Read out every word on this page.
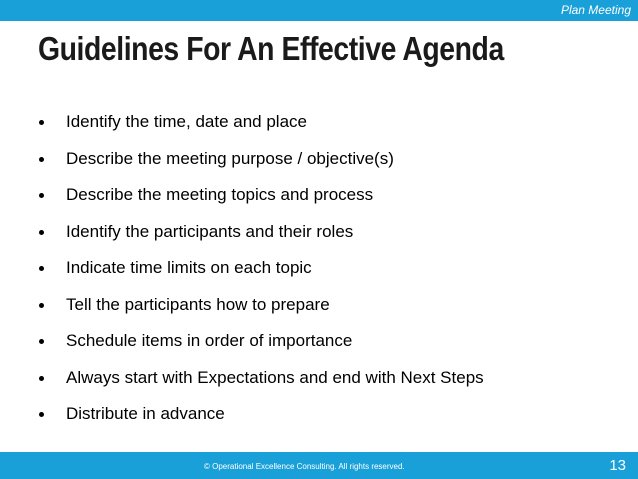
Plan Meeting
Guidelines For An Effective Agenda
Identify the time, date and place
Describe the meeting purpose / objective(s)
Describe the meeting topics and process
Identify the participants and their roles
Indicate time limits on each topic
Tell the participants how to prepare
Schedule items in order of importance
Always start with Expectations and end with Next Steps
Distribute in advance
© Operational Excellence Consulting. All rights reserved.	13
